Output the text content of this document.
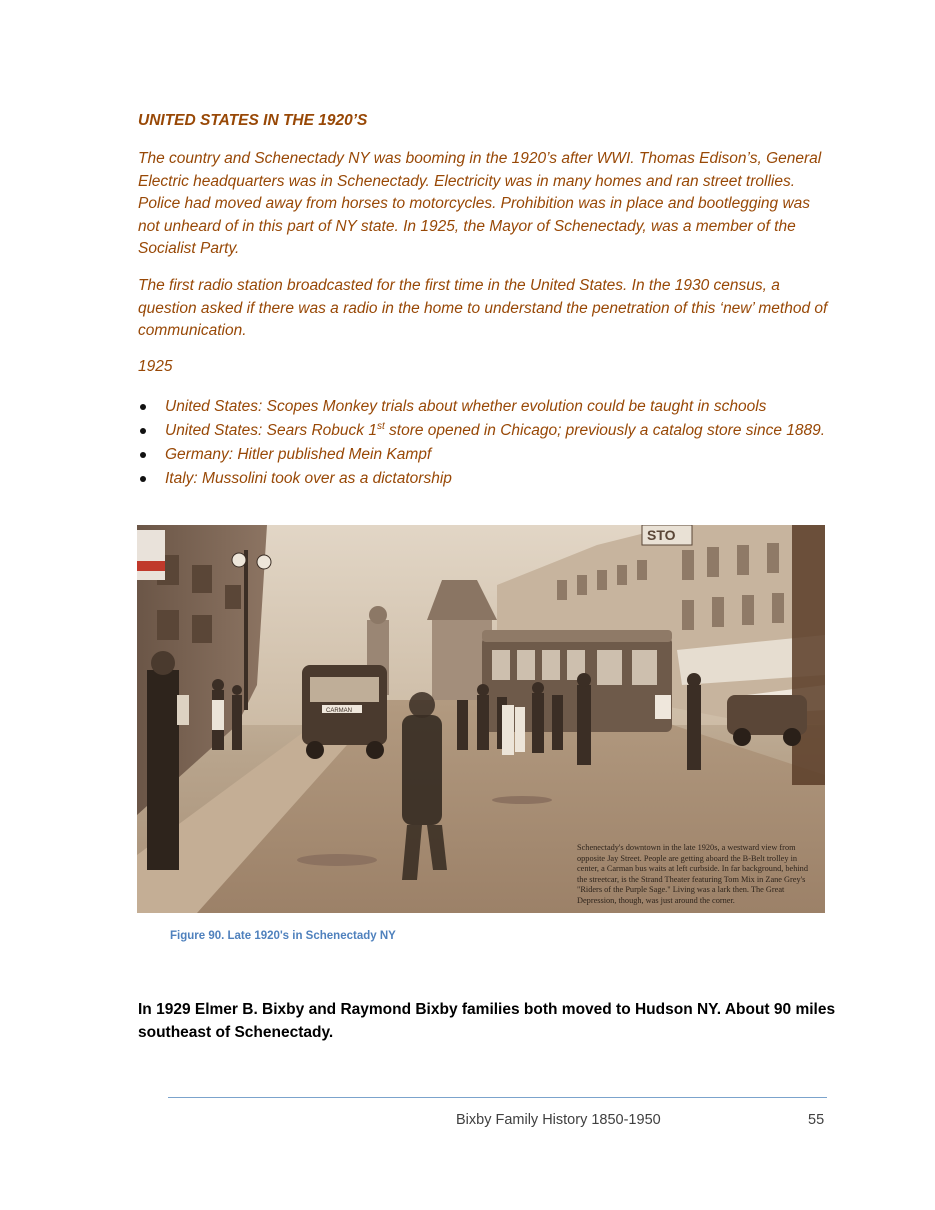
UNITED STATES IN THE 1920’S

The country and Schenectady NY was booming in the 1920’s after WWI. Thomas Edison’s, General Electric headquarters was in Schenectady. Electricity was in many homes and ran street trollies. Police had moved away from horses to motorcycles. Prohibition was in place and bootlegging was not unheard of in this part of NY state. In 1925, the Mayor of Schenectady, was a member of the Socialist Party.

The first radio station broadcasted for the first time in the United States. In the 1930 census, a question asked if there was a radio in the home to understand the penetration of this ‘new’ method of communication.

1925

United States: Scopes Monkey trials about whether evolution could be taught in schools
United States: Sears Robuck 1st store opened in Chicago; previously a catalog store since 1889.
Germany: Hitler published Mein Kampf
Italy: Mussolini took over as a dictatorship
STO
CARMAN

Schenectady's downtown in the late 1920s, a westward view from opposite Jay Street. People are getting aboard the B-Belt trolley in center, a Carman bus waits at left curbside. In far background, behind the streetcar, is the Strand Theater featuring Tom Mix in Zane Grey's "Riders of the Purple Sage." Living was a lark then. The Great Depression, though, was just around the corner.

Figure 90. Late 1920's in Schenectady NY

In 1929 Elmer B. Bixby and Raymond Bixby families both moved to Hudson NY. About 90 miles southeast of Schenectady.

Bixby Family History 1850-1950	55
